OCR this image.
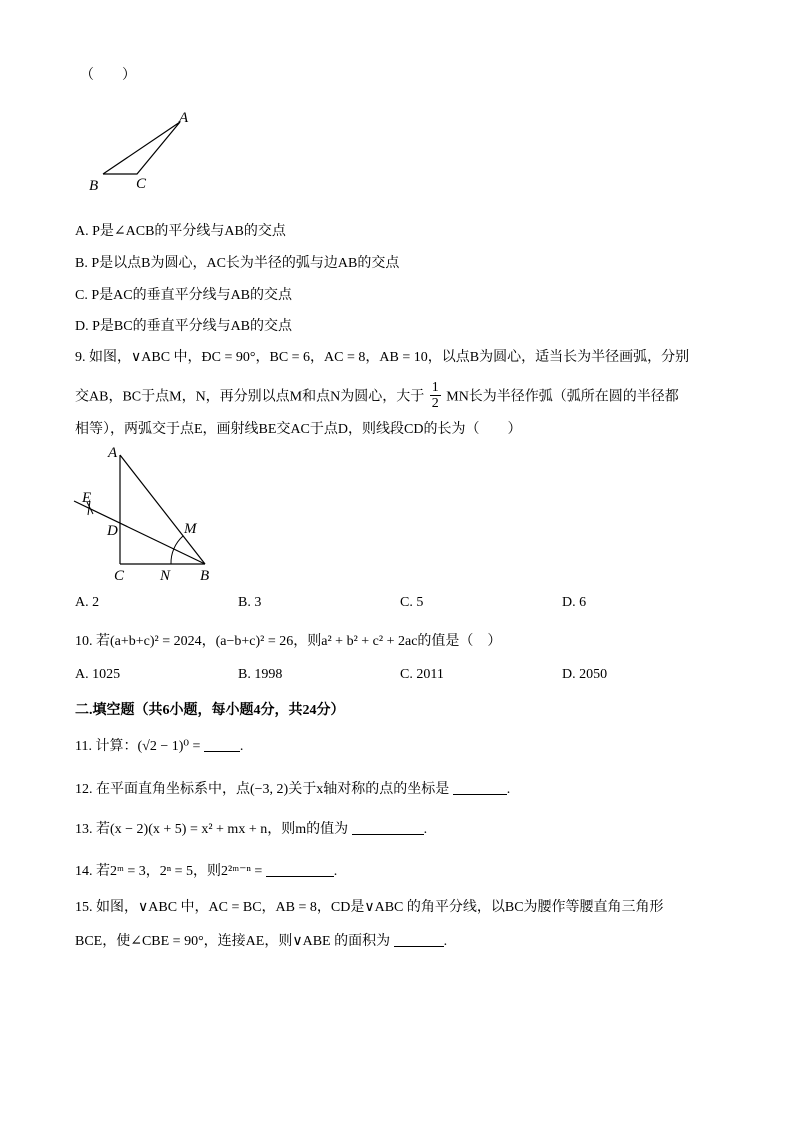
（　　）
A
B	C
A. P是∠ACB的平分线与AB的交点
B. P是以点B为圆心，AC长为半径的弧与边AB的交点
C. P是AC的垂直平分线与AB的交点
D. P是BC的垂直平分线与AB的交点
9. 如图，∨ABC 中，ÐC = 90°，BC = 6，AC = 8，AB = 10，以点B为圆心，适当长为半径画弧，分别
交AB，BC于点M，N，再分别以点M和点N为圆心，大于 $\frac{1}{2}$ MN长为半径作弧（弧所在圆的半径都
相等），两弧交于点E，画射线BE交AC于点D，则线段CD的长为（　　）
A
E
D	M
C N B
A. 2	B. 3	C. 5	D. 6
10. 若(a+b+c)² = 2024，(a−b+c)² = 26，则a² + b² + c² + 2ac的值是（　）
A. 1025	B. 1998	C. 2011	D. 2050
二.填空题（共6小题，每小题4分，共24分）
11. 计算：(√2 − 1)⁰ =	.
12. 在平面直角坐标系中，点(−3, 2)关于x轴对称的点的坐标是	.
13. 若(x − 2)(x + 5) = x² + mx + n，则m的值为	.
14. 若2ᵐ = 3，2ⁿ = 5，则2²ᵐ⁻ⁿ =	.
15. 如图，∨ABC 中，AC = BC，AB = 8，CD是∨ABC 的角平分线，以BC为腰作等腰直角三角形
BCE，使∠CBE = 90°，连接AE，则∨ABE 的面积为	.
